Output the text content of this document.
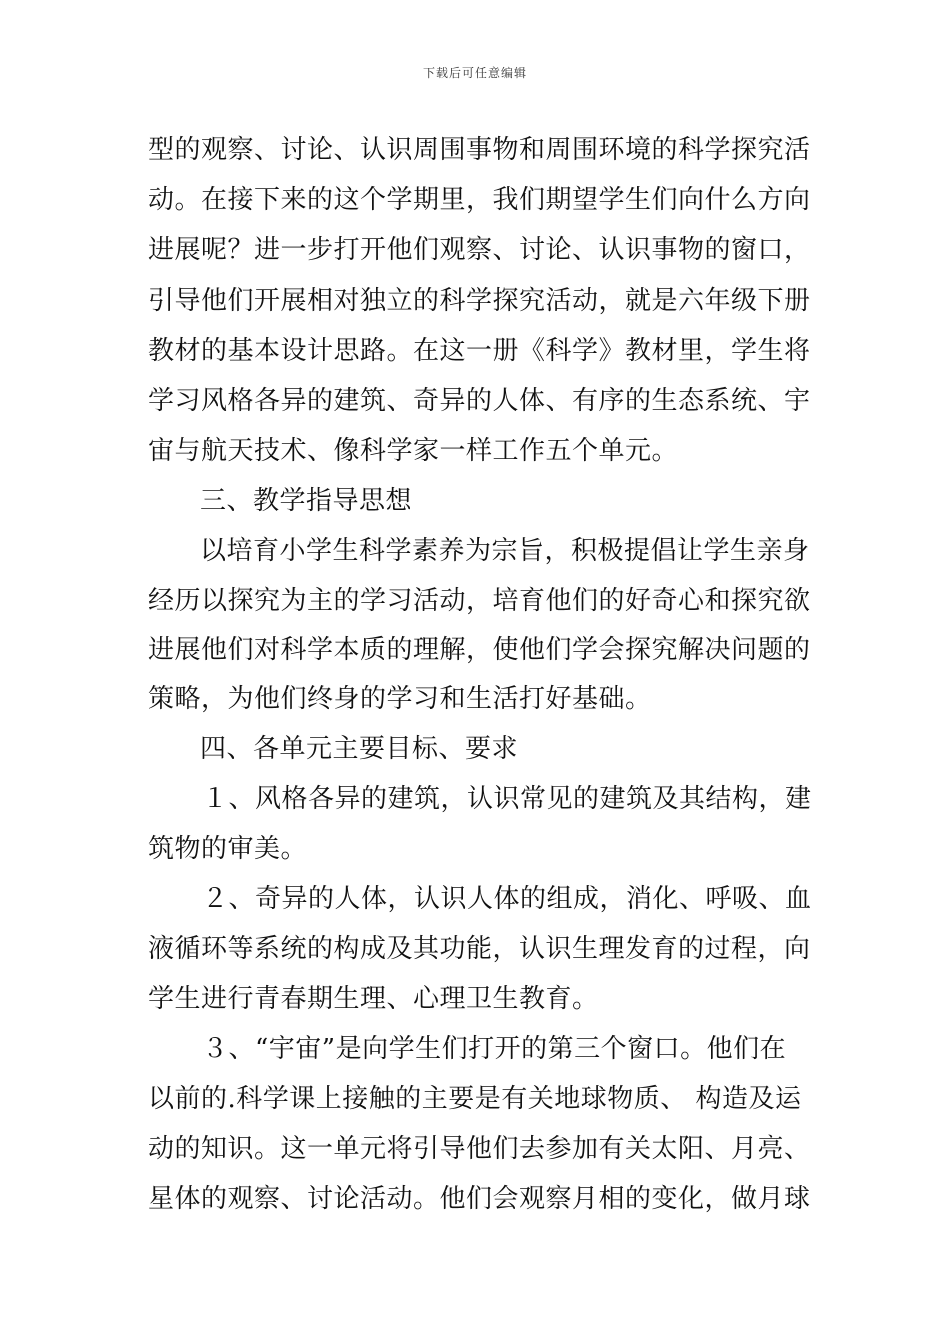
下载后可任意编辑
型的观察、讨论、认识周围事物和周围环境的科学探究活
动。在接下来的这个学期里，我们期望学生们向什么方向
进展呢？进一步打开他们观察、讨论、认识事物的窗口，
引导他们开展相对独立的科学探究活动，就是六年级下册
教材的基本设计思路。在这一册《科学》教材里，学生将
学习风格各异的建筑、奇异的人体、有序的生态系统、宇
宙与航天技术、像科学家一样工作五个单元。
三、教学指导思想
以培育小学生科学素养为宗旨，积极提倡让学生亲身
经历以探究为主的学习活动，培育他们的好奇心和探究欲
进展他们对科学本质的理解，使他们学会探究解决问题的
策略，为他们终身的学习和生活打好基础。
四、各单元主要目标、要求
１、风格各异的建筑，认识常见的建筑及其结构，建
筑物的审美。
２、奇异的人体，认识人体的组成，消化、呼吸、血
液循环等系统的构成及其功能，认识生理发育的过程，向
学生进行青春期生理、心理卫生教育。
３、“宇宙”是向学生们打开的第三个窗口。他们在
以前的.科学课上接触的主要是有关地球物质、 构造及运
动的知识。这一单元将引导他们去参加有关太阳、月亮、
星体的观察、讨论活动。他们会观察月相的变化，做月球
